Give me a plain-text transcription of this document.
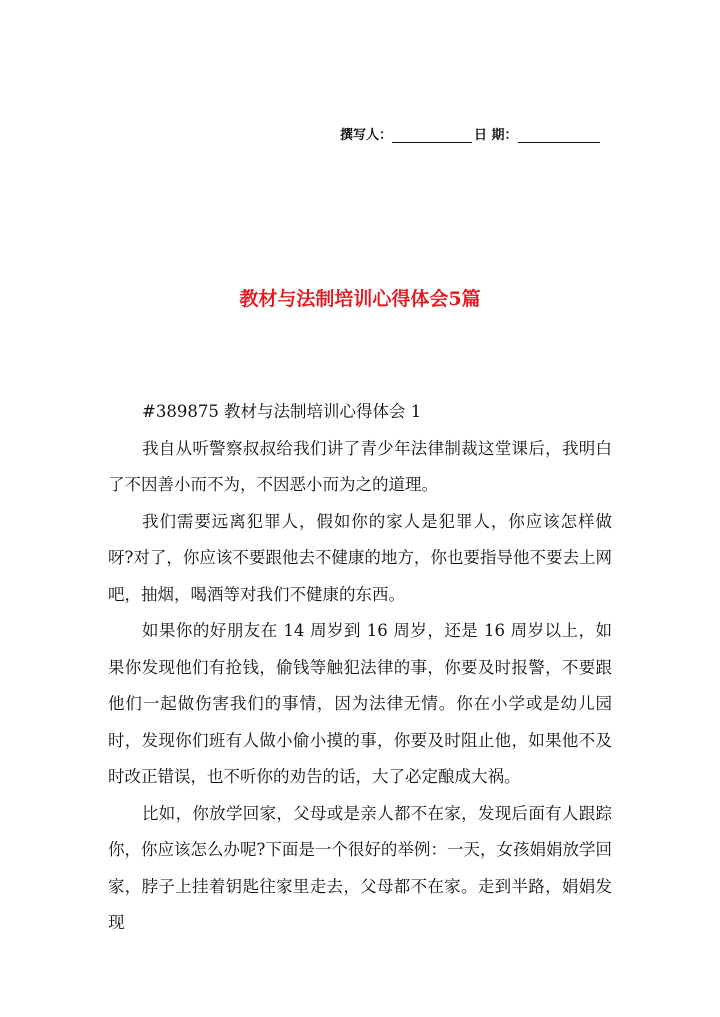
撰写人：	日 期：
教材与法制培训心得体会5篇

#389875 教材与法制培训心得体会 1

我自从听警察叔叔给我们讲了青少年法律制裁这堂课后，我明白了不因善小而不为，不因恶小而为之的道理。

我们需要远离犯罪人，假如你的家人是犯罪人，你应该怎样做呀?对了，你应该不要跟他去不健康的地方，你也要指导他不要去上网吧，抽烟，喝酒等对我们不健康的东西。

如果你的好朋友在 14 周岁到 16 周岁，还是 16 周岁以上，如果你发现他们有抢钱，偷钱等触犯法律的事，你要及时报警，不要跟他们一起做伤害我们的事情，因为法律无情。你在小学或是幼儿园时，发现你们班有人做小偷小摸的事，你要及时阻止他，如果他不及时改正错误，也不听你的劝告的话，大了必定酿成大祸。

比如，你放学回家，父母或是亲人都不在家，发现后面有人跟踪你，你应该怎么办呢?下面是一个很好的举例：一天，女孩娟娟放学回家，脖子上挂着钥匙往家里走去，父母都不在家。走到半路，娟娟发现
